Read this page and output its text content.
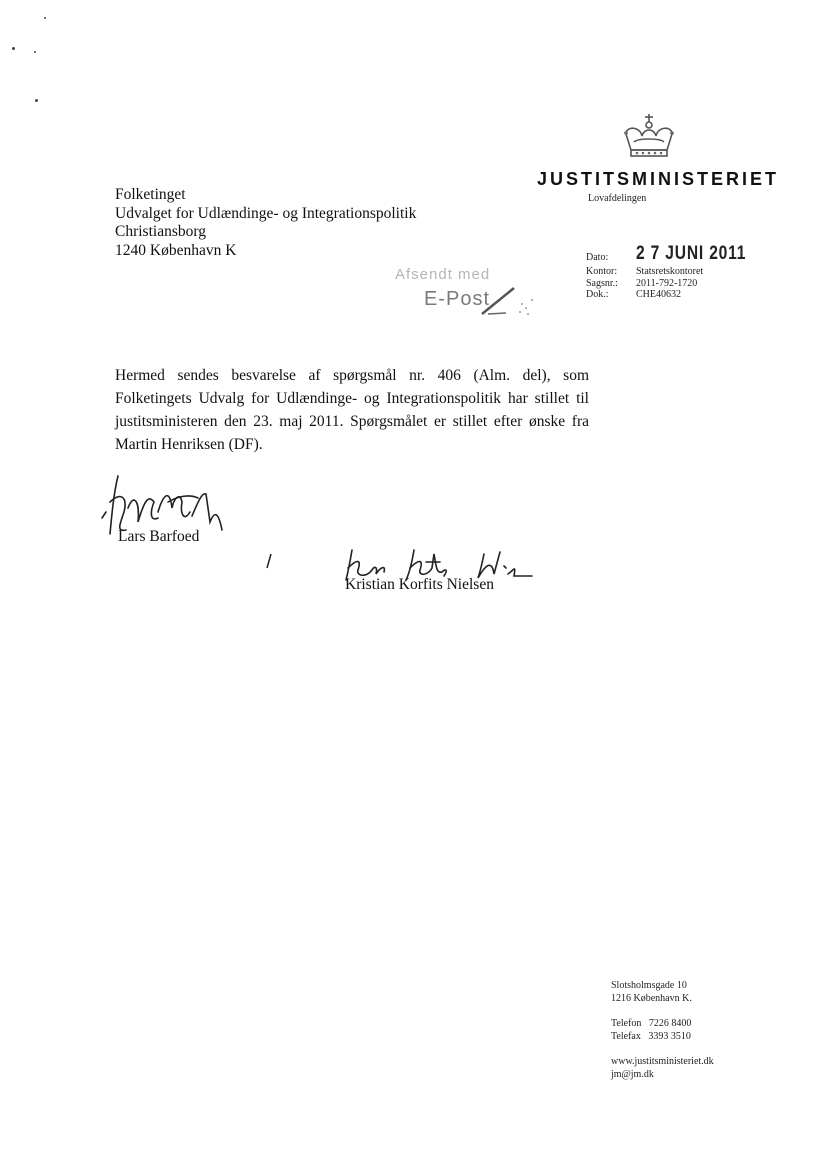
JUSTITSMINISTERIET
Lovafdelingen
Folketinget
Udvalget for Udlændinge- og Integrationspolitik
Christiansborg
1240 København K	Dato:	2 7 JUNI 2011
Kontor:	Statsretskontoret
Sagsnr.:	2011-792-1720
Dok.:	CHE40632
Afsendt med
E-Post
Hermed sendes besvarelse af spørgsmål nr. 406 (Alm. del), som Folketingets Udvalg for Udlændinge- og Integrationspolitik har stillet til justitsministeren den 23. maj 2011. Spørgsmålet er stillet efter ønske fra Martin Henriksen (DF).
Lars Barfoed
Kristian Korfits Nielsen
Slotsholmsgade 10
1216 København K.
Telefon   7226 8400
Telefax   3393 3510
www.justitsministeriet.dk
jm@jm.dk
